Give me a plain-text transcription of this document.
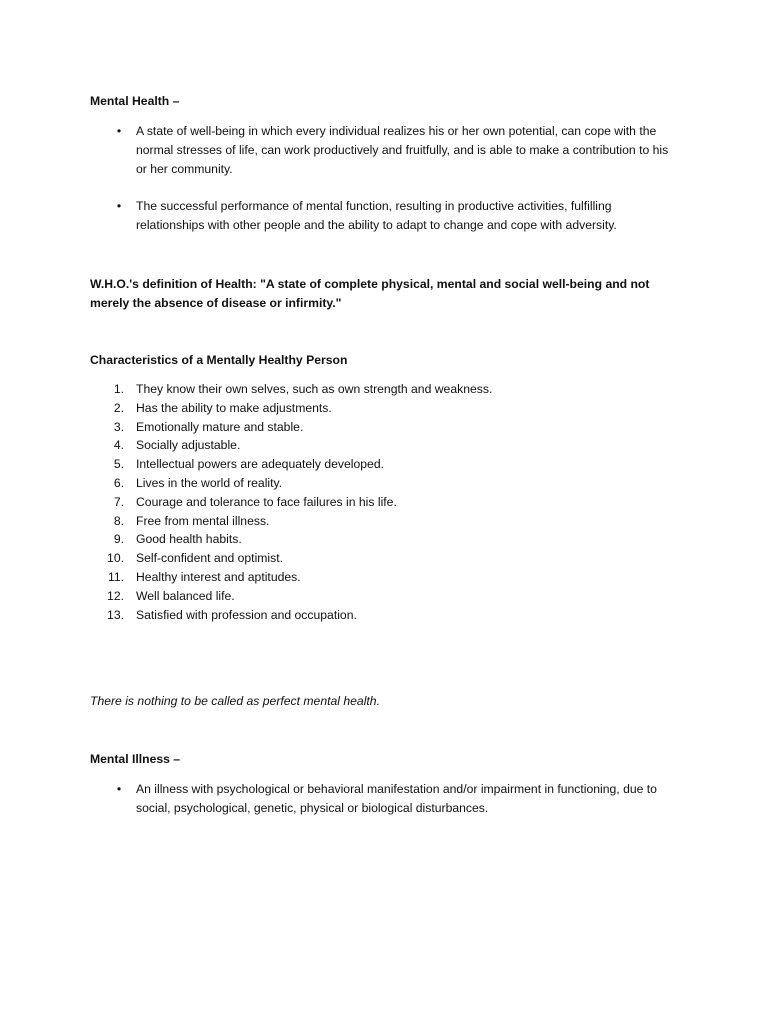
Mental Health –

• A state of well-being in which every individual realizes his or her own potential, can cope with the normal stresses of life, can work productively and fruitfully, and is able to make a contribution to his or her community.
• The successful performance of mental function, resulting in productive activities, fulfilling relationships with other people and the ability to adapt to change and cope with adversity.

W.H.O.'s definition of Health: "A state of complete physical, mental and social well-being and not merely the absence of disease or infirmity."

Characteristics of a Mentally Healthy Person

1. They know their own selves, such as own strength and weakness.
2. Has the ability to make adjustments.
3. Emotionally mature and stable.
4. Socially adjustable.
5. Intellectual powers are adequately developed.
6. Lives in the world of reality.
7. Courage and tolerance to face failures in his life.
8. Free from mental illness.
9. Good health habits.
10. Self-confident and optimist.
11. Healthy interest and aptitudes.
12. Well balanced life.
13. Satisfied with profession and occupation.

There is nothing to be called as perfect mental health.

Mental Illness –

• An illness with psychological or behavioral manifestation and/or impairment in functioning, due to social, psychological, genetic, physical or biological disturbances.
